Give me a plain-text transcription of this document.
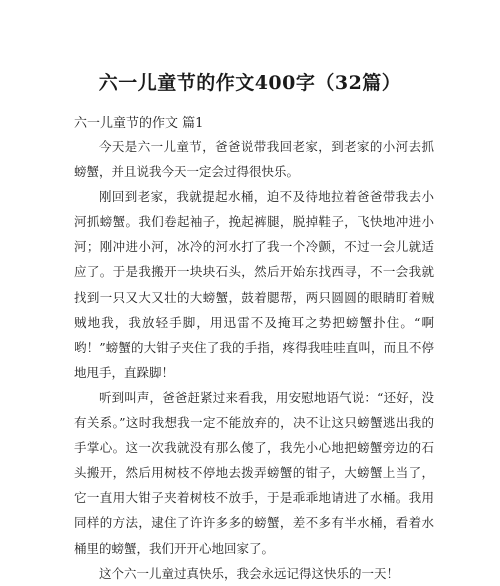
六一儿童节的作文400字（32篇）
六一儿童节的作文 篇1

今天是六一儿童节，爸爸说带我回老家，到老家的小河去抓螃蟹，并且说我今天一定会过得很快乐。

刚回到老家，我就提起水桶，迫不及待地拉着爸爸带我去小河抓螃蟹。我们卷起袖子，挽起裤腿，脱掉鞋子，飞快地冲进小河；刚冲进小河，冰冷的河水打了我一个冷颤，不过一会儿就适应了。于是我搬开一块块石头，然后开始东找西寻，不一会我就找到一只又大又壮的大螃蟹，鼓着腮帮，两只圆圆的眼睛盯着贼贼地我，我放轻手脚，用迅雷不及掩耳之势把螃蟹扑住。“啊哟！”螃蟹的大钳子夹住了我的手指，疼得我哇哇直叫，而且不停地甩手，直跺脚！

听到叫声，爸爸赶紧过来看我，用安慰地语气说：“还好，没有关系。”这时我想我一定不能放弃的，决不让这只螃蟹逃出我的手掌心。这一次我就没有那么傻了，我先小心地把螃蟹旁边的石头搬开，然后用树枝不停地去拨弄螃蟹的钳子，大螃蟹上当了，它一直用大钳子夹着树枝不放手，于是乖乖地请进了水桶。我用同样的方法，逮住了许许多多的螃蟹，差不多有半水桶，看着水桶里的螃蟹，我们开开心地回家了。

这个六一儿童过真快乐，我会永远记得这快乐的一天！
